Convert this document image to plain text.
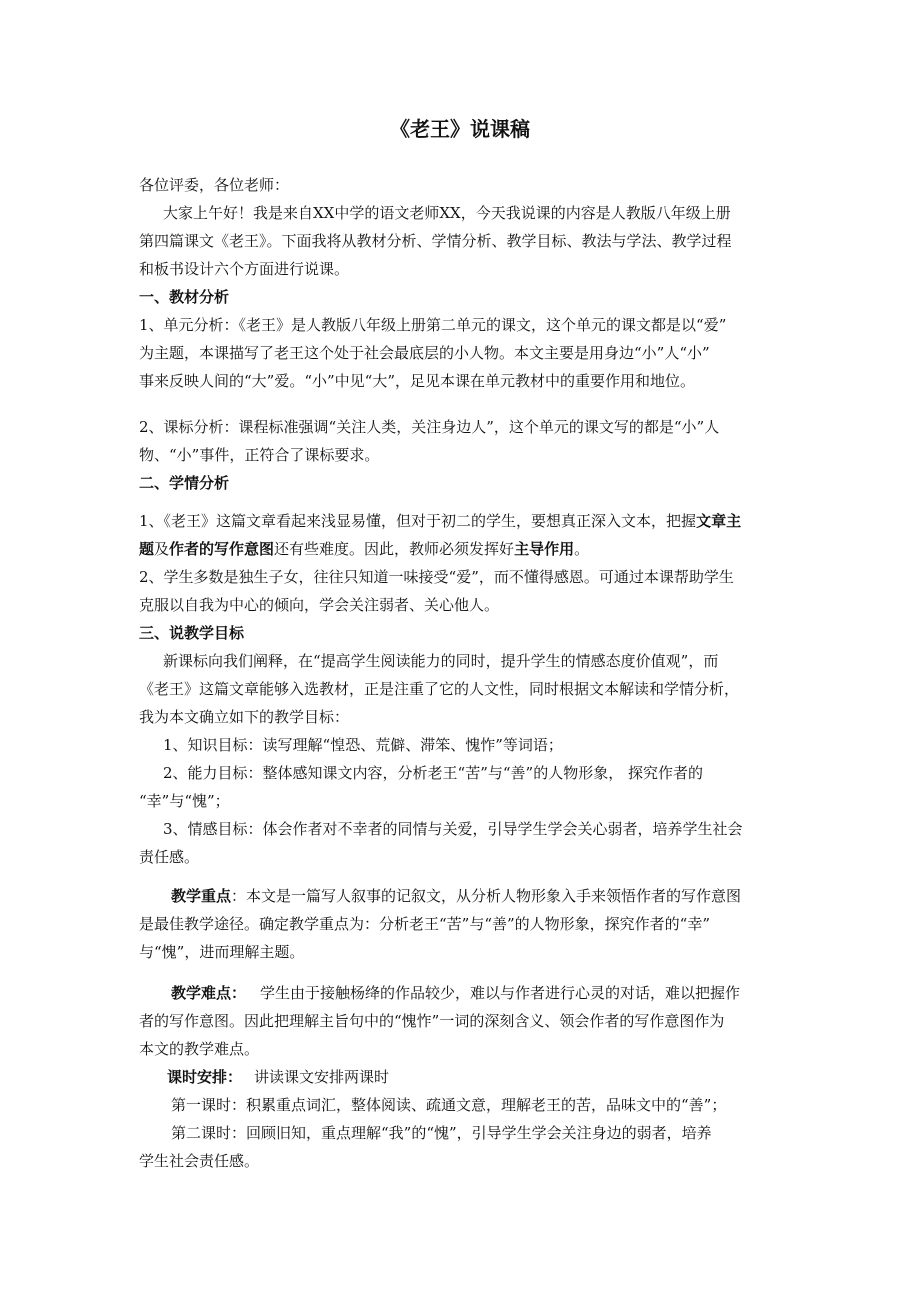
《老王》说课稿
各位评委，各位老师：
大家上午好！我是来自XX中学的语文老师XX，今天我说课的内容是人教版八年级上册
第四篇课文《老王》。下面我将从教材分析、学情分析、教学目标、教法与学法、教学过程
和板书设计六个方面进行说课。
一、教材分析
1、单元分析：《老王》是人教版八年级上册第二单元的课文，这个单元的课文都是以“爱”
为主题，本课描写了老王这个处于社会最底层的小人物。本文主要是用身边“小”人“小”
事来反映人间的“大”爱。“小”中见“大”，足见本课在单元教材中的重要作用和地位。
2、课标分析：课程标准强调“关注人类，关注身边人”，这个单元的课文写的都是“小”人
物、“小”事件，正符合了课标要求。
二、学情分析
1、《老王》这篇文章看起来浅显易懂，但对于初二的学生，要想真正深入文本，把握文章主
题及作者的写作意图还有些难度。因此，教师必须发挥好主导作用。
2、学生多数是独生子女，往往只知道一味接受“爱”，而不懂得感恩。可通过本课帮助学生
克服以自我为中心的倾向，学会关注弱者、关心他人。
三、说教学目标
新课标向我们阐释，在“提高学生阅读能力的同时，提升学生的情感态度价值观”，而
《老王》这篇文章能够入选教材，正是注重了它的人文性，同时根据文本解读和学情分析，
我为本文确立如下的教学目标：
1、知识目标：读写理解“惶恐、荒僻、滞笨、愧怍”等词语；
2、能力目标：整体感知课文内容，分析老王“苦”与“善”的人物形象， 探究作者的
“幸”与“愧”；
3、情感目标：体会作者对不幸者的同情与关爱，引导学生学会关心弱者，培养学生社会
责任感。
教学重点：本文是一篇写人叙事的记叙文，从分析人物形象入手来领悟作者的写作意图
是最佳教学途径。确定教学重点为：分析老王“苦”与“善”的人物形象，探究作者的“幸”
与“愧”，进而理解主题。
教学难点： 学生由于接触杨绛的作品较少，难以与作者进行心灵的对话，难以把握作
者的写作意图。因此把理解主旨句中的“愧怍”一词的深刻含义、领会作者的写作意图作为
本文的教学难点。
课时安排： 讲读课文安排两课时
第一课时：积累重点词汇，整体阅读、疏通文意，理解老王的苦，品味文中的“善”；
第二课时：回顾旧知，重点理解“我”的“愧”，引导学生学会关注身边的弱者，培养
学生社会责任感。
